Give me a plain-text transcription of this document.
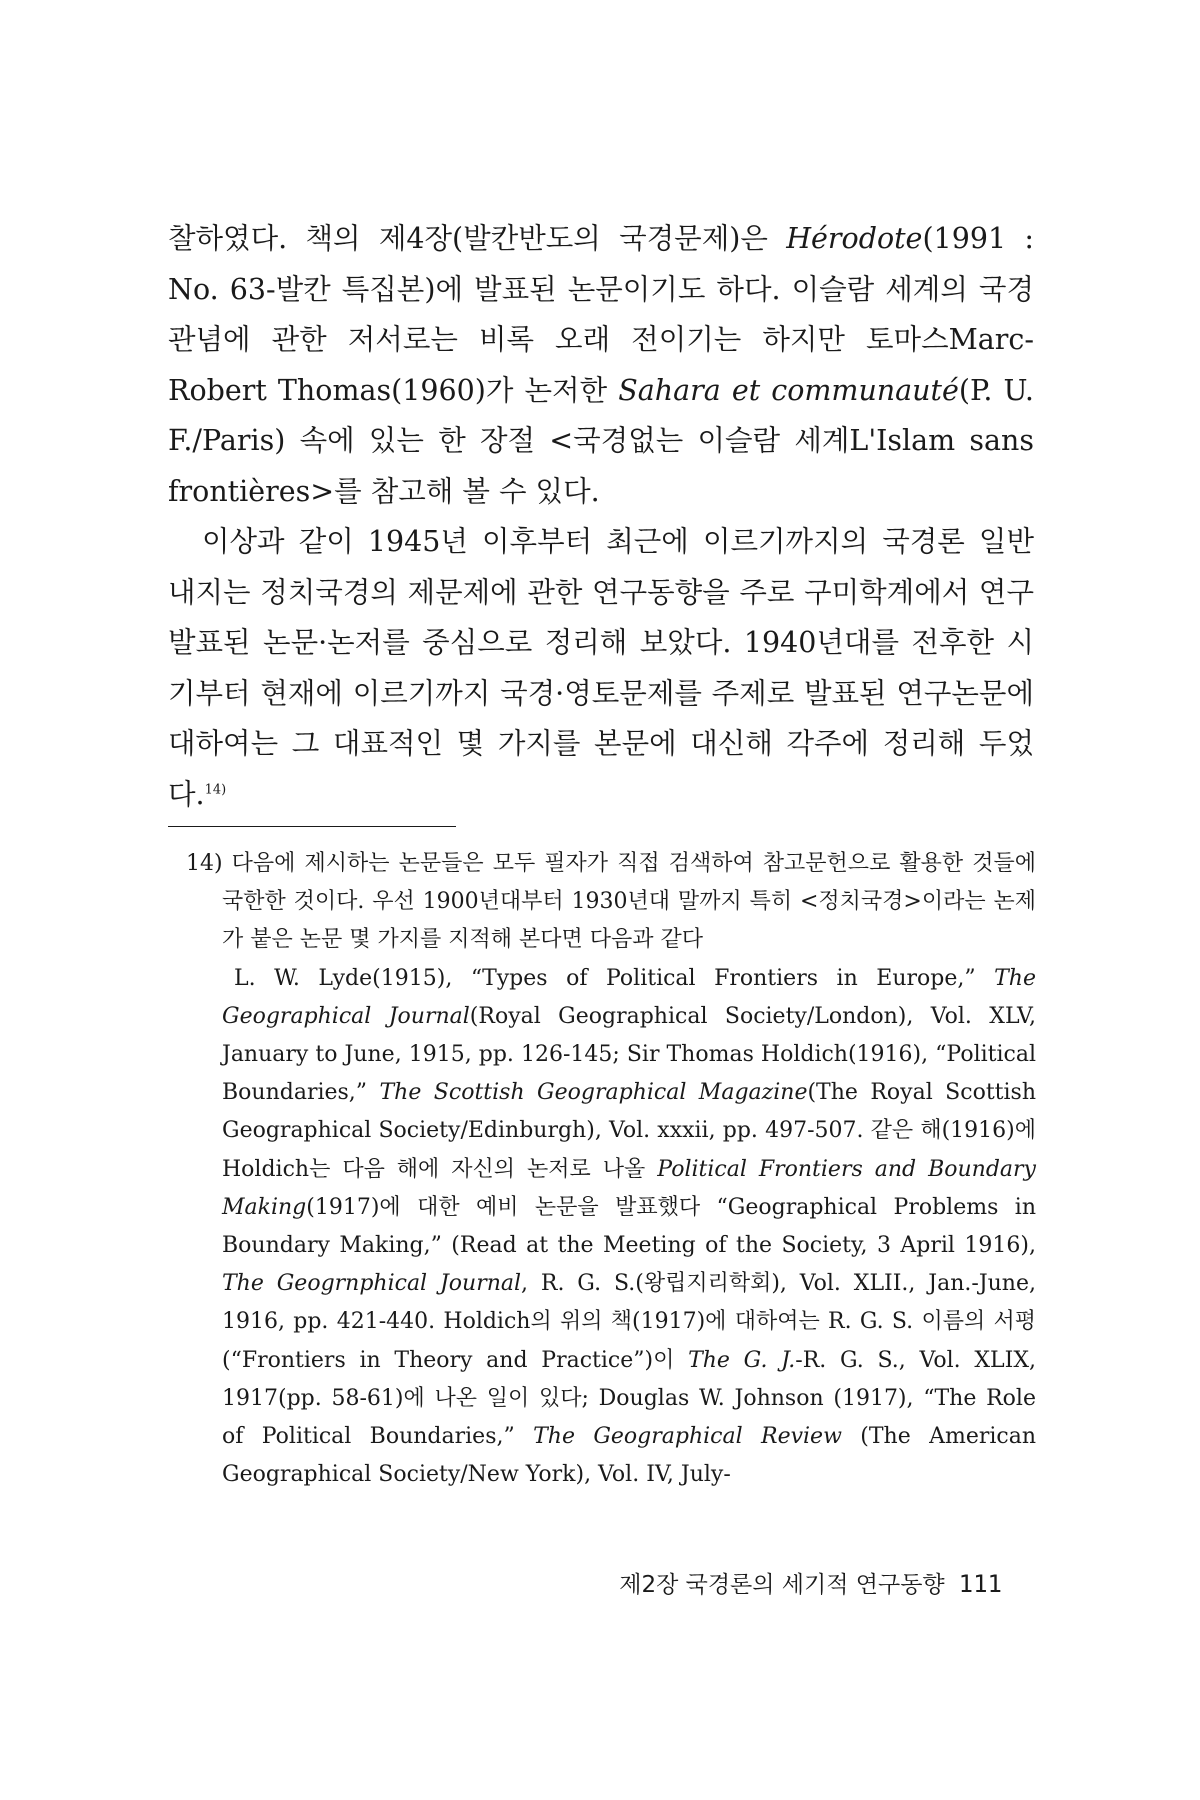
찰하였다. 책의 제4장(발칸반도의 국경문제)은 Hérodote(1991 : No. 63-발칸 특집본)에 발표된 논문이기도 하다. 이슬람 세계의 국경관념에 관한 저서로는 비록 오래 전이기는 하지만 토마스Marc-Robert Thomas(1960)가 논저한 Sahara et communauté(P. U. F./Paris) 속에 있는 한 장절 <국경없는 이슬람 세계L'Islam sans frontières>를 참고해 볼 수 있다.

이상과 같이 1945년 이후부터 최근에 이르기까지의 국경론 일반 내지는 정치국경의 제문제에 관한 연구동향을 주로 구미학계에서 연구 발표된 논문·논저를 중심으로 정리해 보았다. 1940년대를 전후한 시기부터 현재에 이르기까지 국경·영토문제를 주제로 발표된 연구논문에 대하여는 그 대표적인 몇 가지를 본문에 대신해 각주에 정리해 두었다.$^{14)}$

14) 다음에 제시하는 논문들은 모두 필자가 직접 검색하여 참고문헌으로 활용한 것들에 국한한 것이다. 우선 1900년대부터 1930년대 말까지 특히 <정치국경>이라는 논제가 붙은 논문 몇 가지를 지적해 본다면 다음과 같다

L. W. Lyde(1915), “Types of Political Frontiers in Europe,” The Geographical Journal(Royal Geographical Society/London), Vol. XLV, January to June, 1915, pp. 126-145; Sir Thomas Holdich(1916), “Political Boundaries,” The Scottish Geographical Magazine(The Royal Scottish Geographical Society/Edinburgh), Vol. xxxii, pp. 497-507. 같은 해(1916)에 Holdich는 다음 해에 자신의 논저로 나올 Political Frontiers and Boundary Making(1917)에 대한 예비 논문을 발표했다 “Geographical Problems in Boundary Making,” (Read at the Meeting of the Society, 3 April 1916), The Geogrnphical Journal, R. G. S.(왕립지리학회), Vol. XLII., Jan.-June, 1916, pp. 421-440. Holdich의 위의 책(1917)에 대하여는 R. G. S. 이름의 서평(“Frontiers in Theory and Practice”)이 The G. J.-R. G. S., Vol. XLIX, 1917(pp. 58-61)에 나온 일이 있다; Douglas W. Johnson (1917), “The Role of Political Boundaries,” The Geographical Review (The American Geographical Society/New York), Vol. IV, July-

제2장 국경론의 세기적 연구동향 111
